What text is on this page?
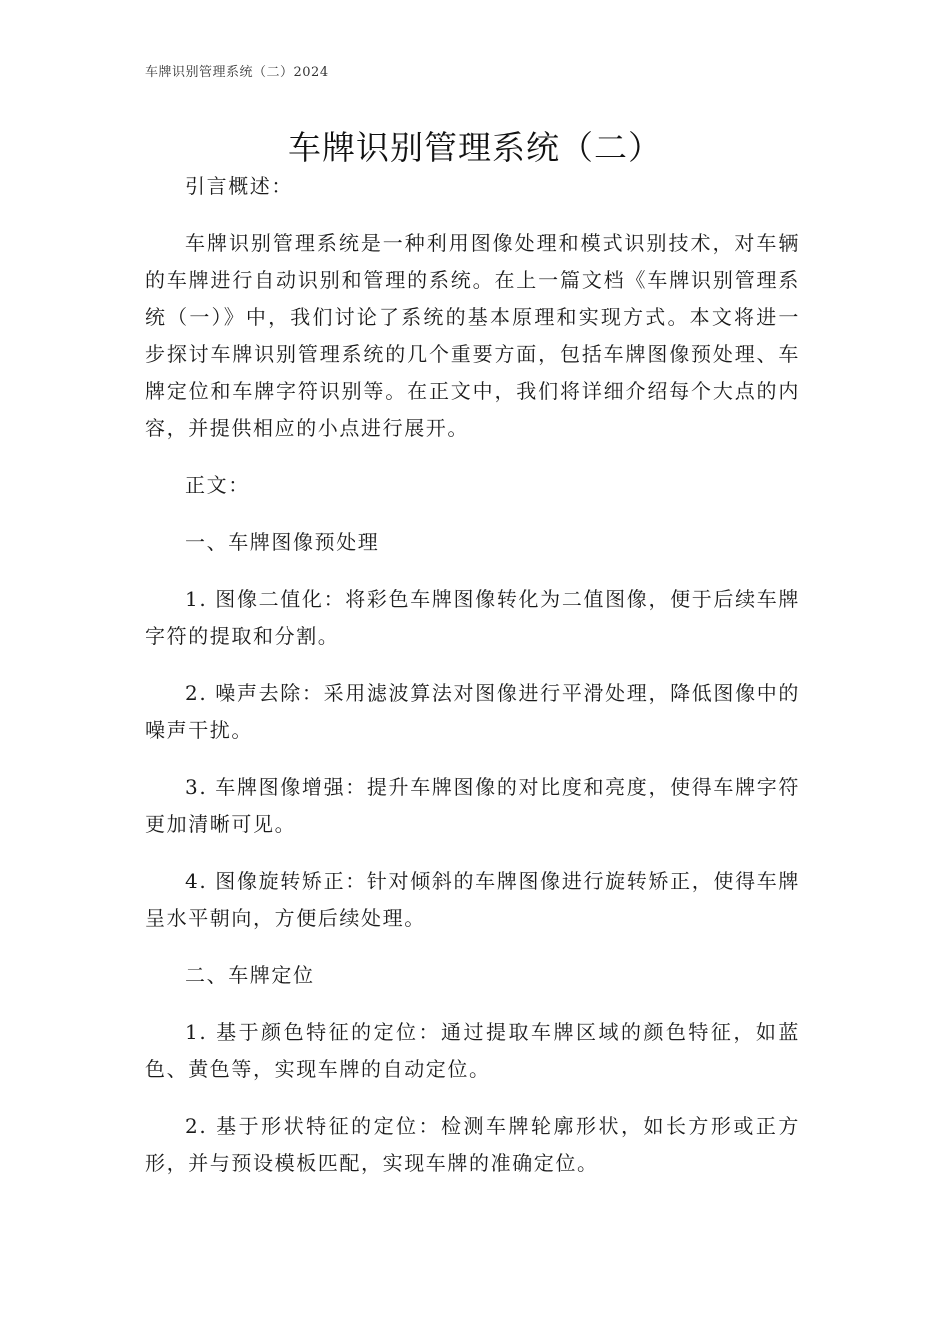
车牌识别管理系统（二）2024
车牌识别管理系统（二）

引言概述：

车牌识别管理系统是一种利用图像处理和模式识别技术，对车辆的车牌进行自动识别和管理的系统。在上一篇文档《车牌识别管理系统（一）》中，我们讨论了系统的基本原理和实现方式。本文将进一步探讨车牌识别管理系统的几个重要方面，包括车牌图像预处理、车牌定位和车牌字符识别等。在正文中，我们将详细介绍每个大点的内容，并提供相应的小点进行展开。

正文：

一、车牌图像预处理

1. 图像二值化：将彩色车牌图像转化为二值图像，便于后续车牌字符的提取和分割。

2. 噪声去除：采用滤波算法对图像进行平滑处理，降低图像中的噪声干扰。

3. 车牌图像增强：提升车牌图像的对比度和亮度，使得车牌字符更加清晰可见。

4. 图像旋转矫正：针对倾斜的车牌图像进行旋转矫正，使得车牌呈水平朝向，方便后续处理。

二、车牌定位

1. 基于颜色特征的定位：通过提取车牌区域的颜色特征，如蓝色、黄色等，实现车牌的自动定位。

2. 基于形状特征的定位：检测车牌轮廓形状，如长方形或正方形，并与预设模板匹配，实现车牌的准确定位。
